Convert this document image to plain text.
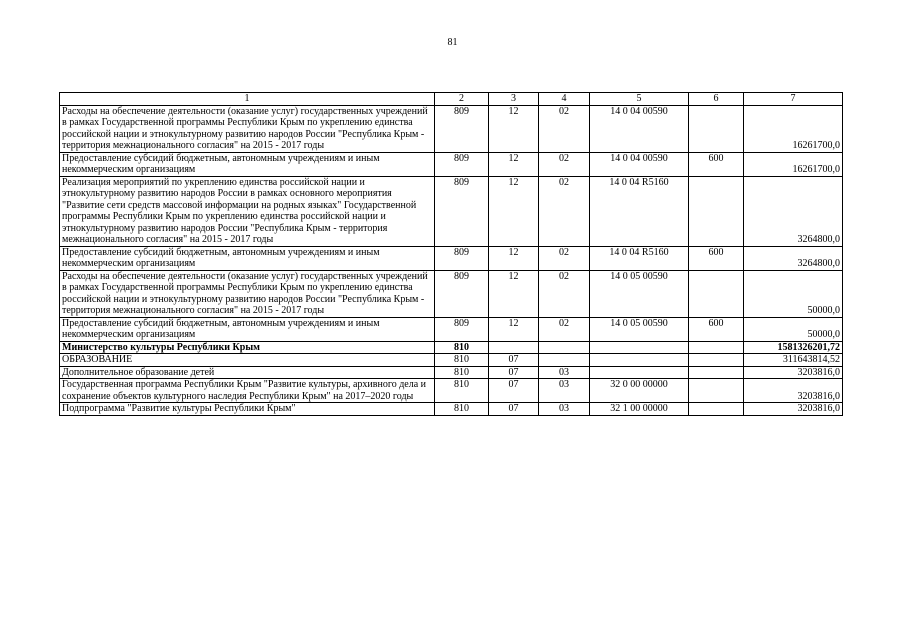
81
1	2	3	4	5	6	7
Расходы на обеспечение деятельности (оказание услуг) государственных учреждений в рамках Государственной программы Республики Крым по укреплению единства российской нации и этнокультурному развитию народов России "Республика Крым - территория межнационального согласия" на 2015 - 2017 годы	809	12	02	14 0 04 00590		16261700,0
Предоставление субсидий бюджетным, автономным учреждениям и иным некоммерческим организациям	809	12	02	14 0 04 00590	600	16261700,0
Реализация мероприятий по укреплению единства российской нации и этнокультурному развитию народов России в рамках основного мероприятия "Развитие сети средств массовой информации на родных языках" Государственной программы Республики Крым по укреплению единства российской нации и этнокультурному развитию народов России "Республика Крым - территория межнационального согласия" на 2015 - 2017 годы	809	12	02	14 0 04 R5160		3264800,0
Предоставление субсидий бюджетным, автономным учреждениям и иным некоммерческим организациям	809	12	02	14 0 04 R5160	600	3264800,0
Расходы на обеспечение деятельности (оказание услуг) государственных учреждений в рамках Государственной программы Республики Крым по укреплению единства российской нации и этнокультурному развитию народов России "Республика Крым - территория межнационального согласия" на 2015 - 2017 годы	809	12	02	14 0 05 00590		50000,0
Предоставление субсидий бюджетным, автономным учреждениям и иным некоммерческим организациям	809	12	02	14 0 05 00590	600	50000,0
Министерство культуры Республики Крым	810					1581326201,72
ОБРАЗОВАНИЕ	810	07				311643814,52
Дополнительное образование детей	810	07	03			3203816,0
Государственная программа Республики Крым "Развитие культуры, архивного дела и сохранение объектов культурного наследия Республики Крым" на 2017–2020 годы	810	07	03	32 0 00 00000		3203816,0
Подпрограмма "Развитие культуры Республики Крым"	810	07	03	32 1 00 00000		3203816,0
